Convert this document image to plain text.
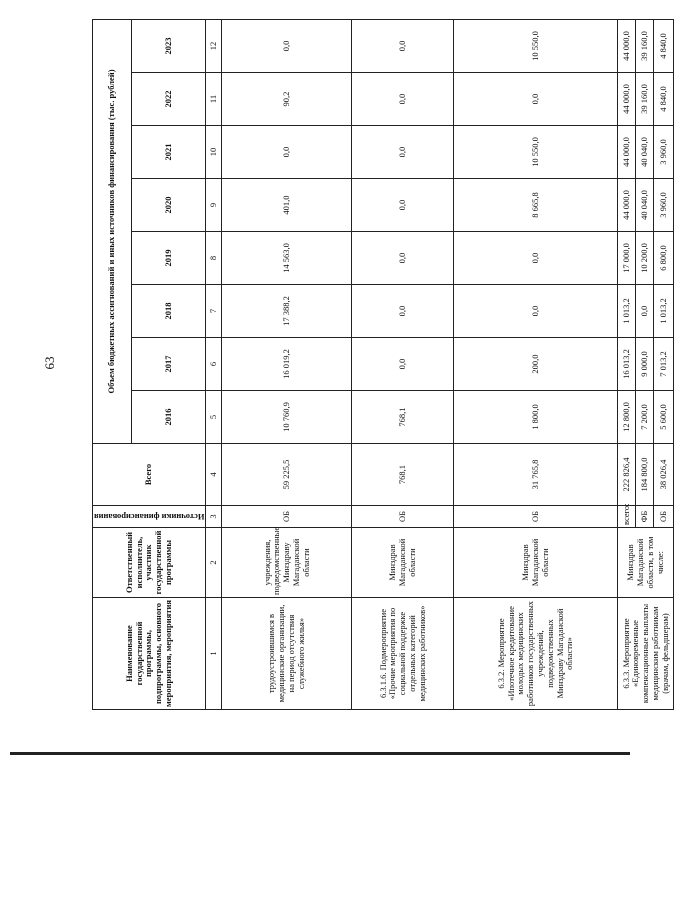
63
Наименование государственной программы, подпрограммы, основного мероприятия, мероприятия	Ответственный исполнитель, участник государственной программы	Источники финансирования	Всего	Объем бюджетных ассигнований и иных источников финансирования (тыс. рублей)							
				2016	2017	2018	2019	2020	2021	2022	2023
1	2	3	4	5	6	7	8	9	10	11	12
трудоустроившимся в медицинские организации, на период отсутствия служебного жилья»	учреждения, подведомственные Минздраву Магаданской области	ОБ	59 225,5	10 760,9	16 019,2	17 388,2	14 563,0	401,0	0,0	90,2	0,0
6.3.1.6. Подмероприятие «Прочие мероприятия по социальной поддержке отдельных категорий медицинских работников»	Минздрав Магаданской области	ОБ	768,1	768,1	0,0	0,0	0,0	0,0	0,0	0,0	0,0
6.3.2. Мероприятие «Ипотечное кредитование молодых медицинских работников государственных учреждений, подведомственных Минздраву Магаданской области»	Минздрав Магаданской области	ОБ	31 765,8	1 800,0	200,0	0,0	0,0	8 665,8	10 550,0	0,0	10 550,0
6.3.3. Мероприятие «Единовременные компенсационные выплаты медицинским работникам (врачам, фельдшерам)	Минздрав Магаданской области, в том числе:	всего:	222 826,4	12 800,0	16 013,2	1 013,2	17 000,0	44 000,0	44 000,0	44 000,0	44 000,0
		ФБ	184 800,0	7 200,0	9 000,0	0,0	10 200,0	40 040,0	40 040,0	39 160,0	39 160,0
		ОБ	38 026,4	5 600,0	7 013,2	1 013,2	6 800,0	3 960,0	3 960,0	4 840,0	4 840,0
